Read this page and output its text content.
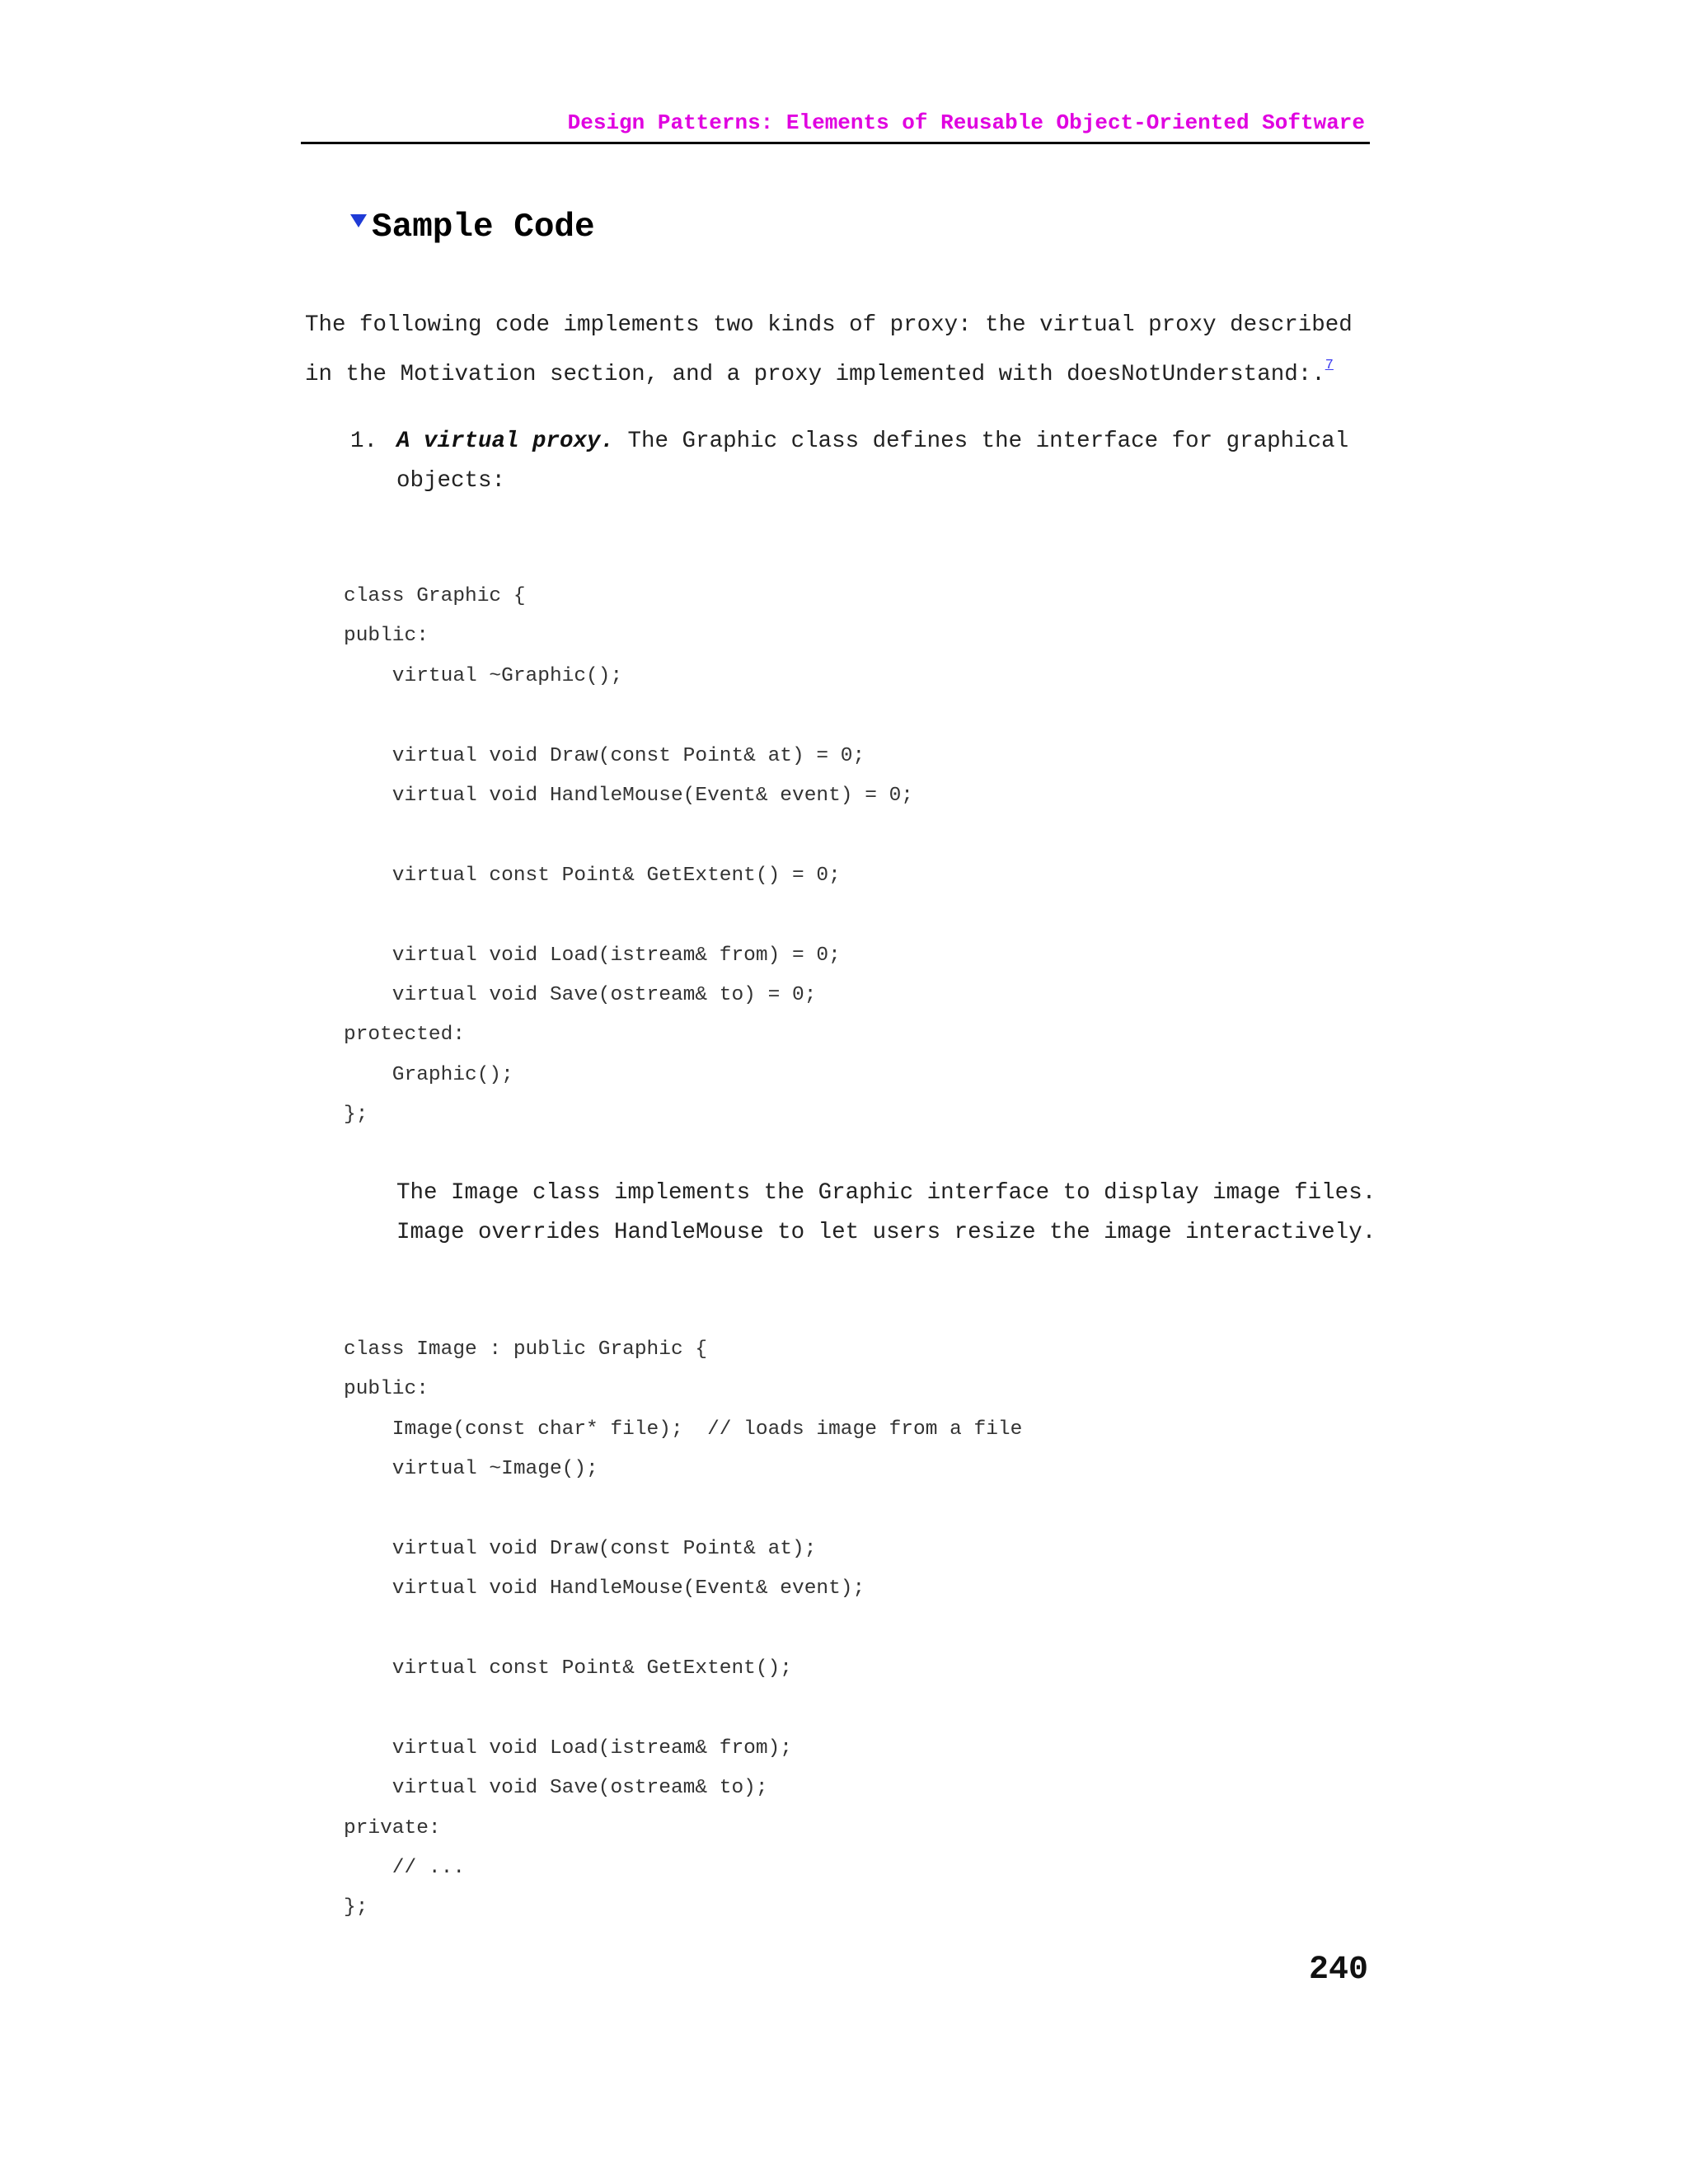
Design Patterns: Elements of Reusable Object-Oriented Software
Sample Code
The following code implements two kinds of proxy: the virtual proxy described
in the Motivation section, and a proxy implemented with doesNotUnderstand:.$^7$
1. A virtual proxy. The Graphic class defines the interface for graphical
objects:
class Graphic {
public:
virtual ~Graphic();
virtual void Draw(const Point& at) = 0;
virtual void HandleMouse(Event& event) = 0;
virtual const Point& GetExtent() = 0;
virtual void Load(istream& from) = 0;
virtual void Save(ostream& to) = 0;
protected:
Graphic();
};
The Image class implements the Graphic interface to display image files.
Image overrides HandleMouse to let users resize the image interactively.
class Image : public Graphic {
public:
Image(const char* file);  // loads image from a file
virtual ~Image();
virtual void Draw(const Point& at);
virtual void HandleMouse(Event& event);
virtual const Point& GetExtent();
virtual void Load(istream& from);
virtual void Save(ostream& to);
private:
// ...
};
240
